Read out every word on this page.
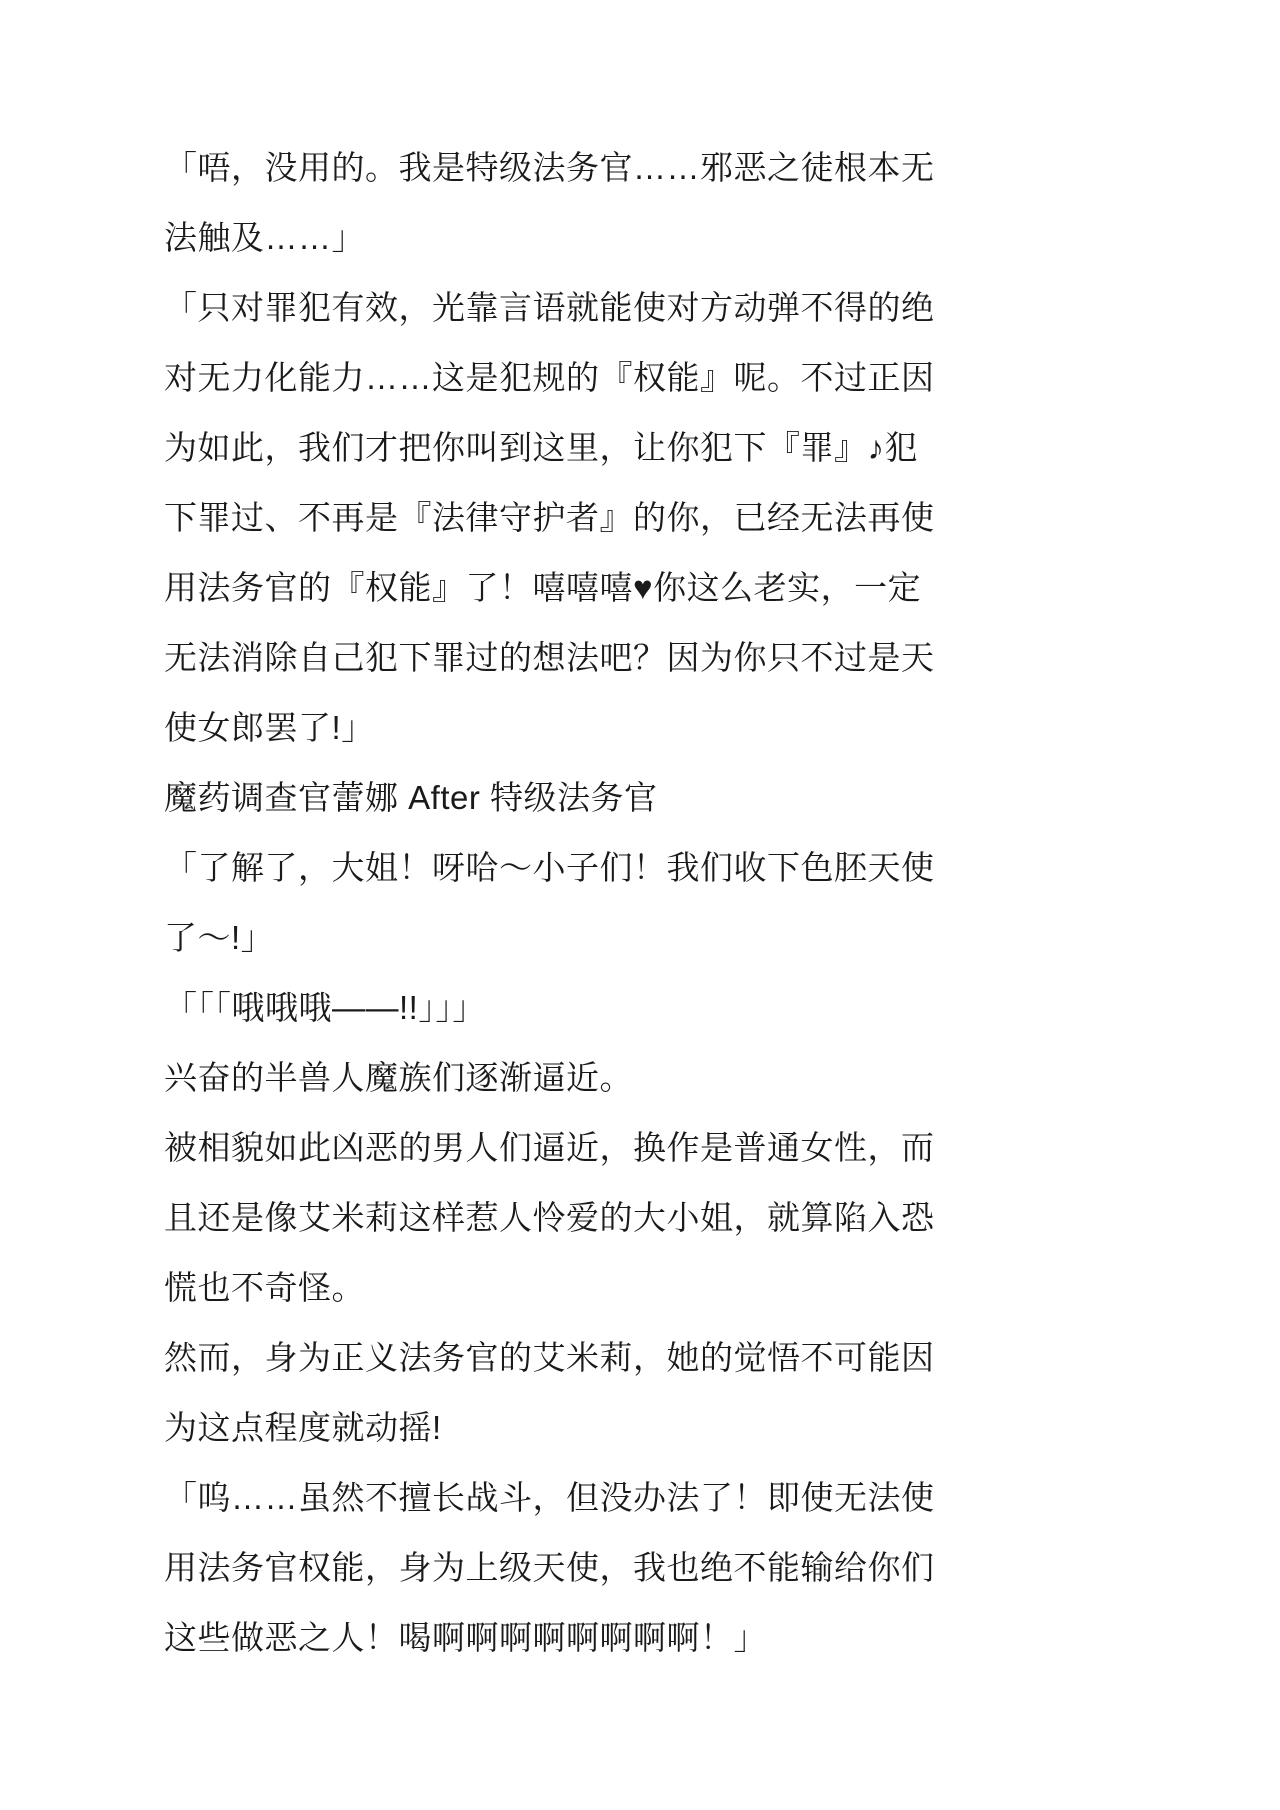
「唔，没用的。我是特级法务官……邪恶之徒根本无法触及……」

「只对罪犯有效，光靠言语就能使对方动弹不得的绝对无力化能力……这是犯规的『权能』呢。不过正因为如此，我们才把你叫到这里，让你犯下『罪』♪犯下罪过、不再是『法律守护者』的你，已经无法再使用法务官的『权能』了！嘻嘻嘻♥你这么老实，一定无法消除自己犯下罪过的想法吧？因为你只不过是天使女郎罢了!」

魔药调查官蕾娜 After 特级法务官

「了解了，大姐！呀哈～小子们！我们收下色胚天使了～!」

「「「哦哦哦——!!」」」

兴奋的半兽人魔族们逐渐逼近。

被相貌如此凶恶的男人们逼近，换作是普通女性，而且还是像艾米莉这样惹人怜爱的大小姐，就算陷入恐慌也不奇怪。

然而，身为正义法务官的艾米莉，她的觉悟不可能因为这点程度就动摇!

「呜……虽然不擅长战斗，但没办法了！即使无法使用法务官权能，身为上级天使，我也绝不能输给你们这些做恶之人！喝啊啊啊啊啊啊啊啊！」
